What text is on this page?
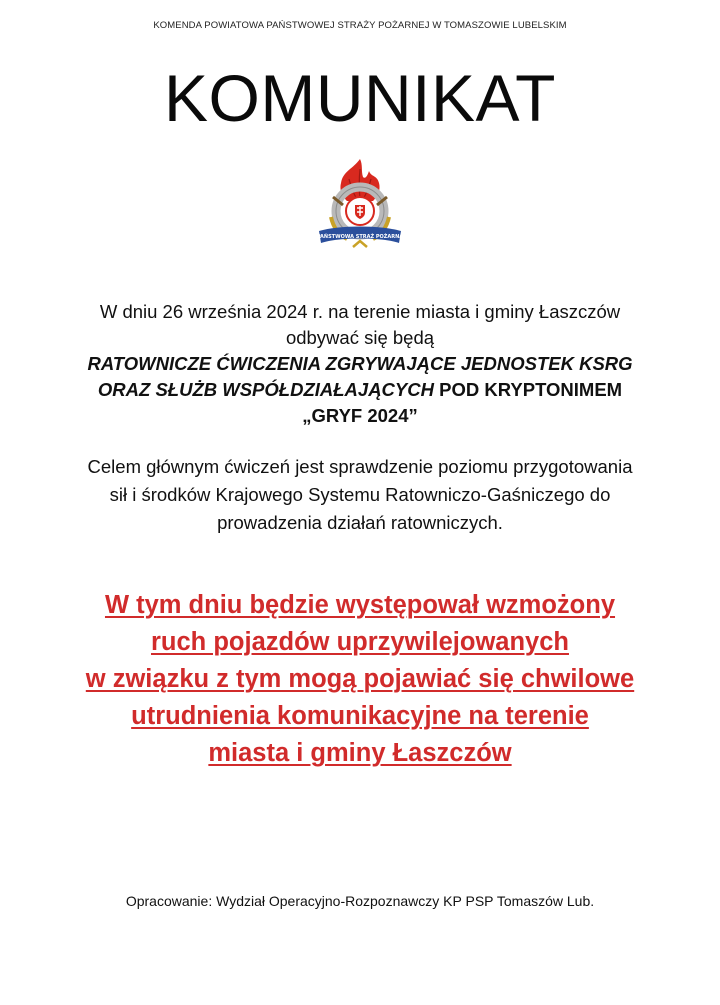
KOMENDA POWIATOWA PAŃSTWOWEJ STRAŻY POŻARNEJ W TOMASZOWIE LUBELSKIM
KOMUNIKAT
PAŃSTWOWA STRAŻ POŻARNA
W dniu 26 września 2024 r. na terenie miasta i gminy Łaszczów
odbywać się będą
RATOWNICZE ĆWICZENIA ZGRYWAJĄCE JEDNOSTEK KSRG
ORAZ SŁUŻB WSPÓŁDZIAŁAJĄCYCH POD KRYPTONIMEM
„GRYF 2024”
Celem głównym ćwiczeń jest sprawdzenie poziomu przygotowania
sił i środków Krajowego Systemu Ratowniczo-Gaśniczego do
prowadzenia działań ratowniczych.
W tym dniu będzie występował wzmożony
ruch pojazdów uprzywilejowanych
w związku z tym mogą pojawiać się chwilowe
utrudnienia komunikacyjne na terenie
miasta i gminy Łaszczów
Opracowanie: Wydział Operacyjno-Rozpoznawczy KP PSP Tomaszów Lub.
